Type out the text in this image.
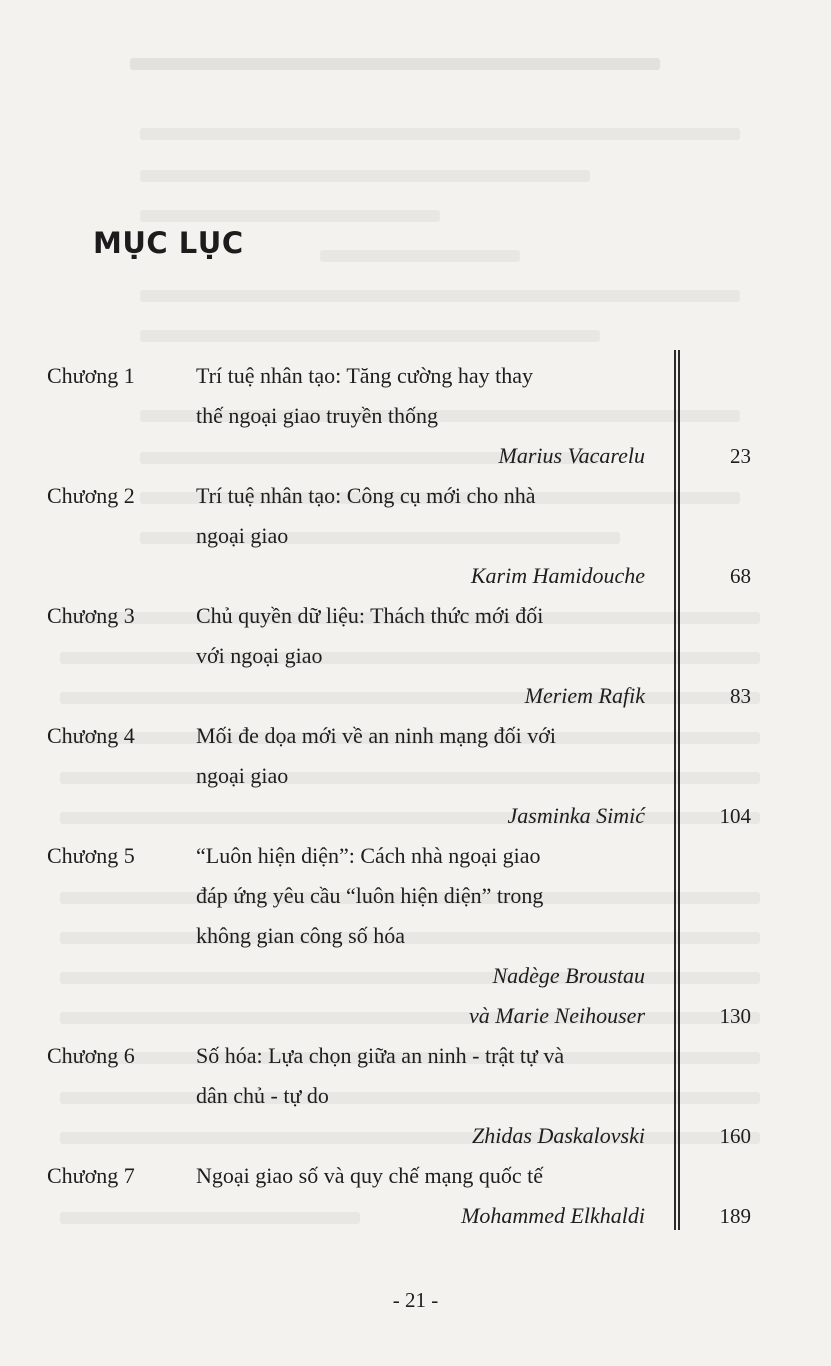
MỤC LỤC
Chương 1	Trí tuệ nhân tạo: Tăng cường hay thay
thế ngoại giao truyền thống
Marius Vacarelu	23
Chương 2	Trí tuệ nhân tạo: Công cụ mới cho nhà
ngoại giao
Karim Hamidouche	68
Chương 3	Chủ quyền dữ liệu: Thách thức mới đối
với ngoại giao
Meriem Rafik	83
Chương 4	Mối đe dọa mới về an ninh mạng đối với
ngoại giao
Jasminka Simić	104
Chương 5	“Luôn hiện diện”: Cách nhà ngoại giao
đáp ứng yêu cầu “luôn hiện diện” trong
không gian công số hóa
Nadège Broustau
và Marie Neihouser	130
Chương 6	Số hóa: Lựa chọn giữa an ninh - trật tự và
dân chủ - tự do
Zhidas Daskalovski	160
Chương 7	Ngoại giao số và quy chế mạng quốc tế
Mohammed Elkhaldi	189
- 21 -
